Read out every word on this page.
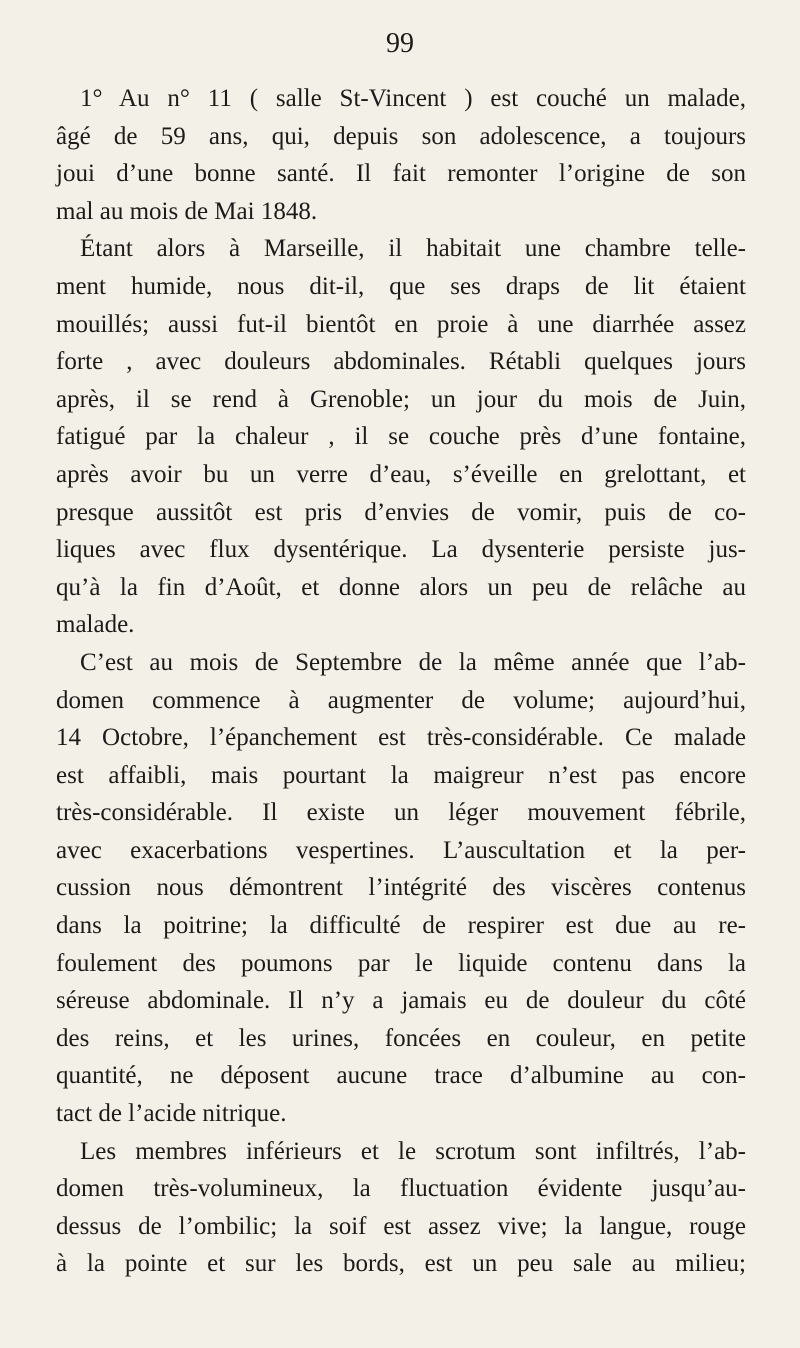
99
1° Au n° 11 ( salle St-Vincent ) est couché un malade,
âgé de 59 ans, qui, depuis son adolescence, a toujours
joui d’une bonne santé. Il fait remonter l’origine de son
mal au mois de Mai 1848.
Étant alors à Marseille, il habitait une chambre telle-
ment humide, nous dit-il, que ses draps de lit étaient
mouillés; aussi fut-il bientôt en proie à une diarrhée assez
forte , avec douleurs abdominales. Rétabli quelques jours
après, il se rend à Grenoble; un jour du mois de Juin,
fatigué par la chaleur , il se couche près d’une fontaine,
après avoir bu un verre d’eau, s’éveille en grelottant, et
presque aussitôt est pris d’envies de vomir, puis de co-
liques avec flux dysentérique. La dysenterie persiste jus-
qu’à la fin d’Août, et donne alors un peu de relâche au
malade.
C’est au mois de Septembre de la même année que l’ab-
domen commence à augmenter de volume; aujourd’hui,
14 Octobre, l’épanchement est très-considérable. Ce malade
est affaibli, mais pourtant la maigreur n’est pas encore
très-considérable. Il existe un léger mouvement fébrile,
avec exacerbations vespertines. L’auscultation et la per-
cussion nous démontrent l’intégrité des viscères contenus
dans la poitrine; la difficulté de respirer est due au re-
foulement des poumons par le liquide contenu dans la
séreuse abdominale. Il n’y a jamais eu de douleur du côté
des reins, et les urines, foncées en couleur, en petite
quantité, ne déposent aucune trace d’albumine au con-
tact de l’acide nitrique.
Les membres inférieurs et le scrotum sont infiltrés, l’ab-
domen très-volumineux, la fluctuation évidente jusqu’au-
dessus de l’ombilic; la soif est assez vive; la langue, rouge
à la pointe et sur les bords, est un peu sale au milieu;
